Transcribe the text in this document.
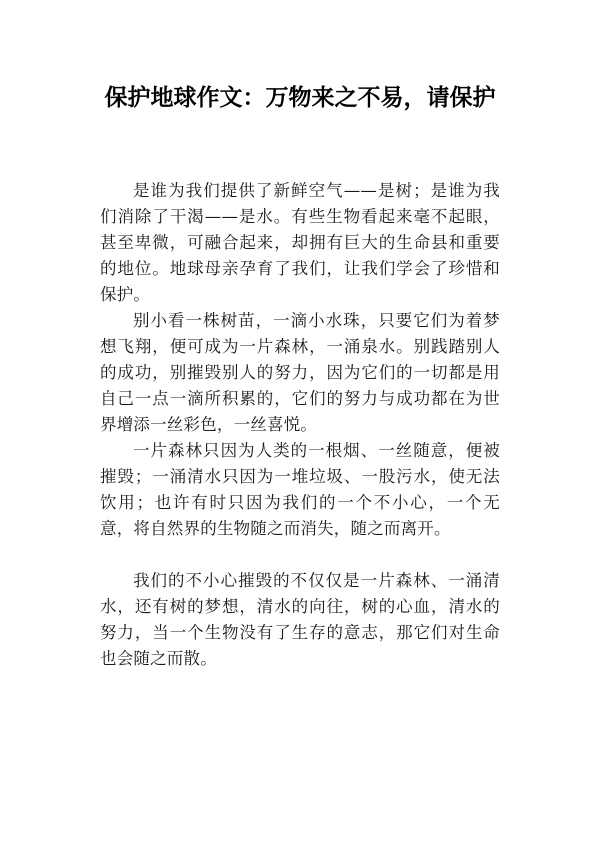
保护地球作文：万物来之不易，请保护

是谁为我们提供了新鲜空气——是树；是谁为我们消除了干渴——是水。有些生物看起来毫不起眼，甚至卑微，可融合起来，却拥有巨大的生命县和重要的地位。地球母亲孕育了我们，让我们学会了珍惜和保护。

别小看一株树苗，一滴小水珠，只要它们为着梦想飞翔，便可成为一片森林，一涌泉水。别践踏别人的成功，别摧毁别人的努力，因为它们的一切都是用自己一点一滴所积累的，它们的努力与成功都在为世界增添一丝彩色，一丝喜悦。

一片森林只因为人类的一根烟、一丝随意，便被摧毁；一涌清水只因为一堆垃圾、一股污水，使无法饮用；也许有时只因为我们的一个不小心，一个无意，将自然界的生物随之而消失，随之而离开。

我们的不小心摧毁的不仅仅是一片森林、一涌清水，还有树的梦想，清水的向往，树的心血，清水的努力，当一个生物没有了生存的意志，那它们对生命也会随之而散。
